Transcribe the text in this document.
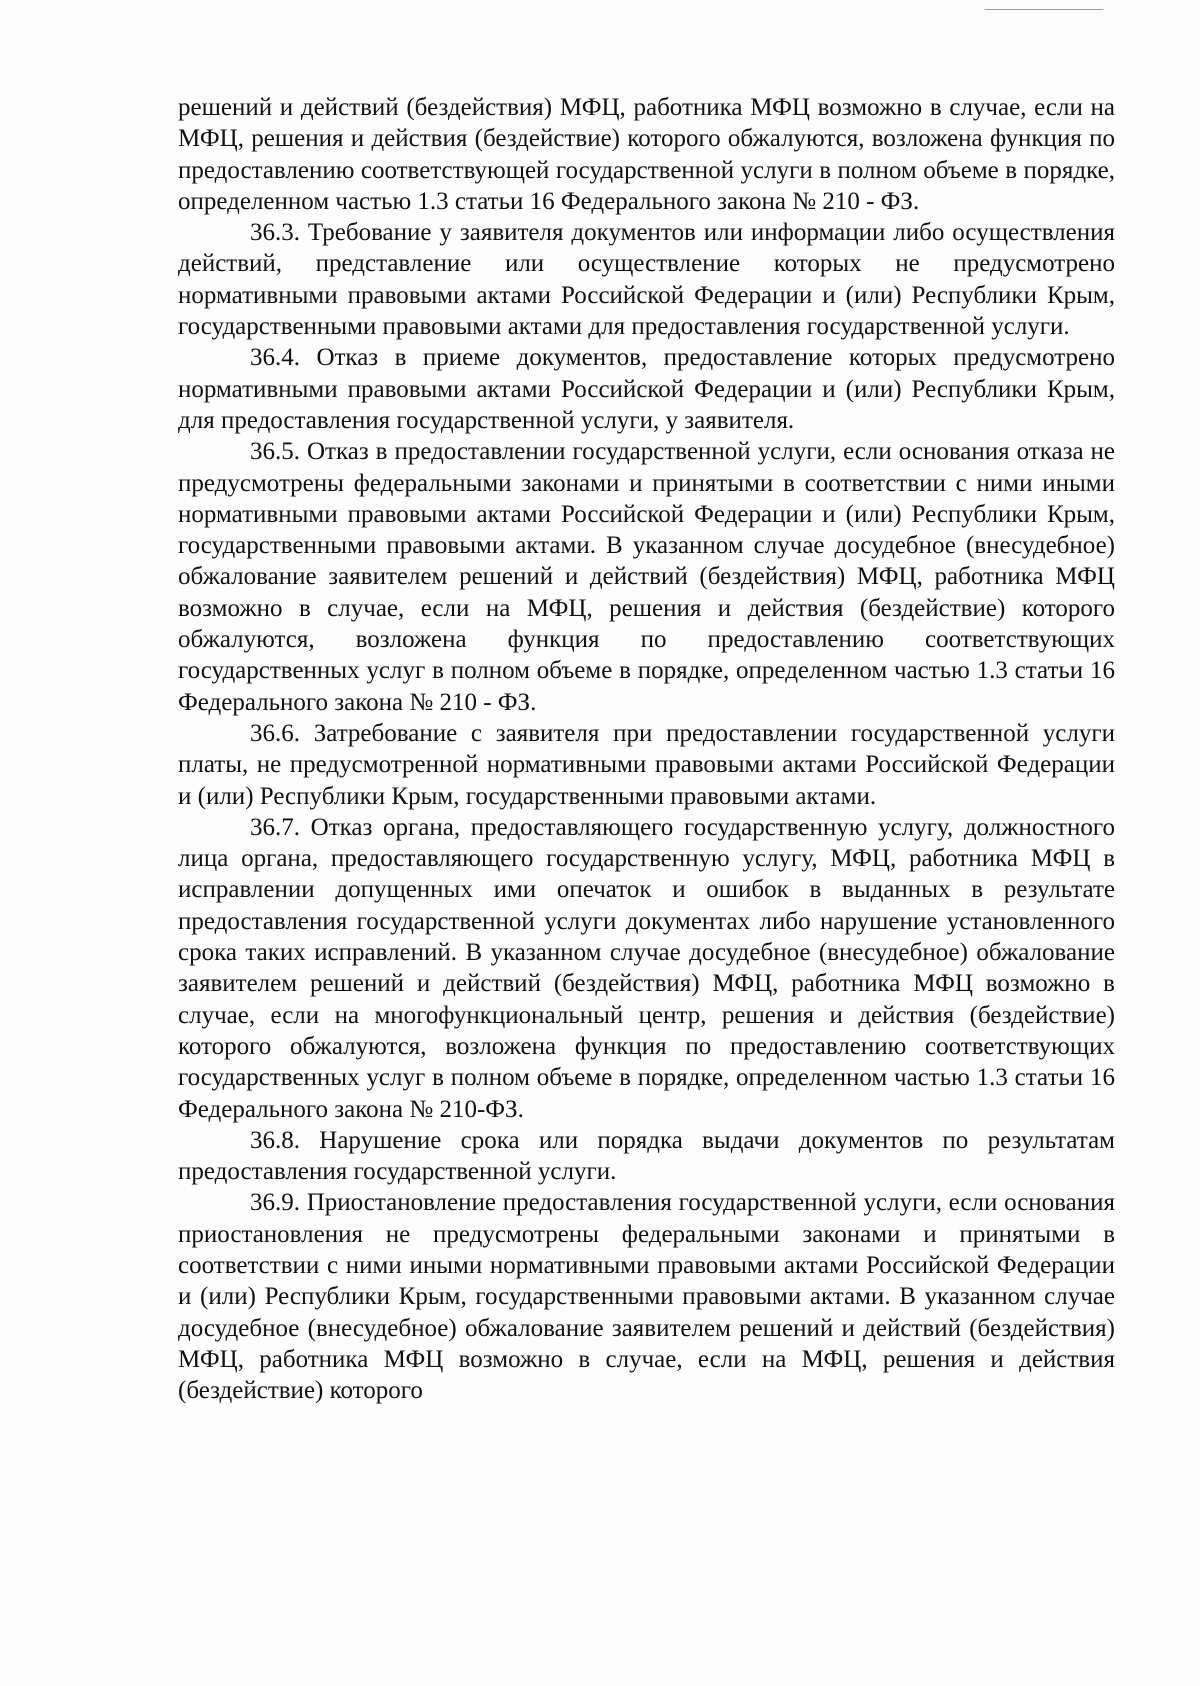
решений и действий (бездействия) МФЦ, работника МФЦ возможно в случае, если на МФЦ, решения и действия (бездействие) которого обжалуются, возложена функция по предоставлению соответствующей государственной услуги в полном объеме в порядке, определенном частью 1.3 статьи 16 Федерального закона № 210 - ФЗ.

36.3. Требование у заявителя документов или информации либо осуществления действий, представление или осуществление которых не предусмотрено нормативными правовыми актами Российской Федерации и (или) Республики Крым, государственными правовыми актами для предоставления государственной услуги.

36.4. Отказ в приеме документов, предоставление которых предусмотрено нормативными правовыми актами Российской Федерации и (или) Республики Крым, для предоставления государственной услуги, у заявителя.

36.5. Отказ в предоставлении государственной услуги, если основания отказа не предусмотрены федеральными законами и принятыми в соответствии с ними иными нормативными правовыми актами Российской Федерации и (или) Республики Крым, государственными правовыми актами. В указанном случае досудебное (внесудебное) обжалование заявителем решений и действий (бездействия) МФЦ, работника МФЦ возможно в случае, если на МФЦ, решения и действия (бездействие) которого обжалуются, возложена функция по предоставлению соответствующих государственных услуг в полном объеме в порядке, определенном частью 1.3 статьи 16 Федерального закона № 210 - ФЗ.

36.6. Затребование с заявителя при предоставлении государственной услуги платы, не предусмотренной нормативными правовыми актами Российской Федерации и (или) Республики Крым, государственными правовыми актами.

36.7. Отказ органа, предоставляющего государственную услугу, должностного лица органа, предоставляющего государственную услугу, МФЦ, работника МФЦ в исправлении допущенных ими опечаток и ошибок в выданных в результате предоставления государственной услуги документах либо нарушение установленного срока таких исправлений. В указанном случае досудебное (внесудебное) обжалование заявителем решений и действий (бездействия) МФЦ, работника МФЦ возможно в случае, если на многофункциональный центр, решения и действия (бездействие) которого обжалуются, возложена функция по предоставлению соответствующих государственных услуг в полном объеме в порядке, определенном частью 1.3 статьи 16 Федерального закона № 210-ФЗ.

36.8. Нарушение срока или порядка выдачи документов по результатам предоставления государственной услуги.

36.9. Приостановление предоставления государственной услуги, если основания приостановления не предусмотрены федеральными законами и принятыми в соответствии с ними иными нормативными правовыми актами Российской Федерации и (или) Республики Крым, государственными правовыми актами. В указанном случае досудебное (внесудебное) обжалование заявителем решений и действий (бездействия) МФЦ, работника МФЦ возможно в случае, если на МФЦ, решения и действия (бездействие) которого
